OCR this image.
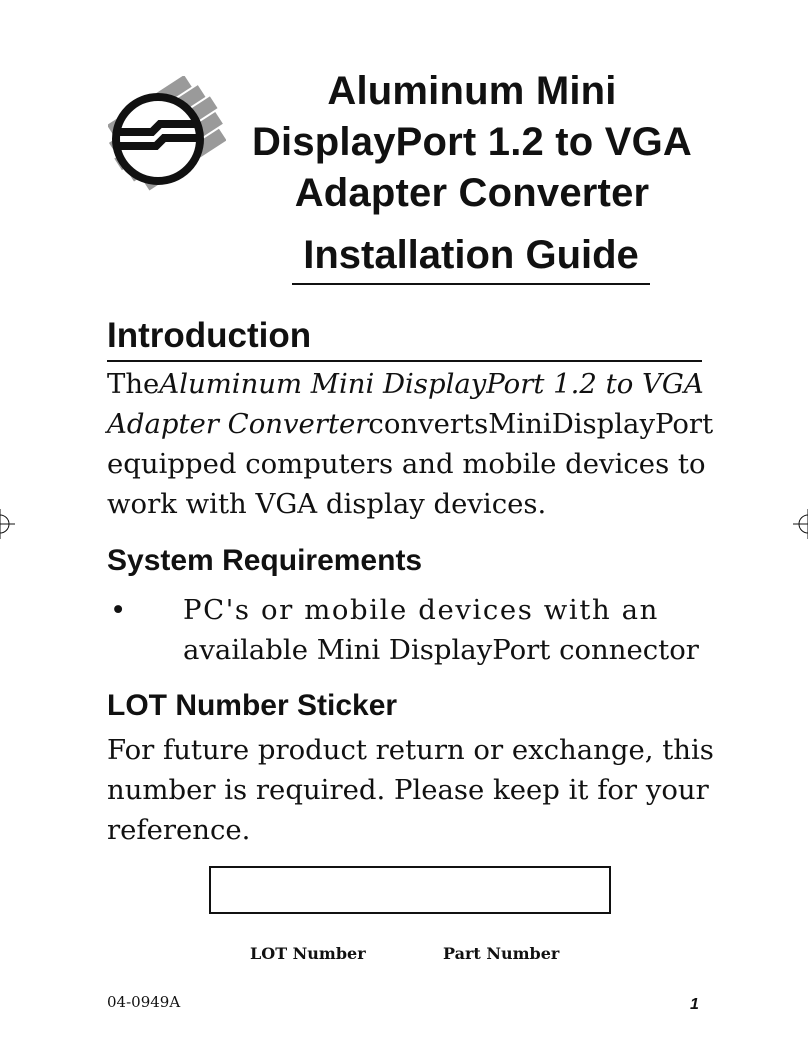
Aluminum Mini
DisplayPort 1.2 to VGA
Adapter Converter
Installation Guide
Introduction
The Aluminum Mini DisplayPort 1.2 to VGA
Adapter Converter converts Mini DisplayPort
equipped computers and mobile devices to
work with VGA display devices.
System Requirements
• PC's or mobile devices with an
available Mini DisplayPort connector
LOT Number Sticker
For future product return or exchange, this
number is required. Please keep it for your
reference.
LOT Number	Part Number
04-0949A	1
